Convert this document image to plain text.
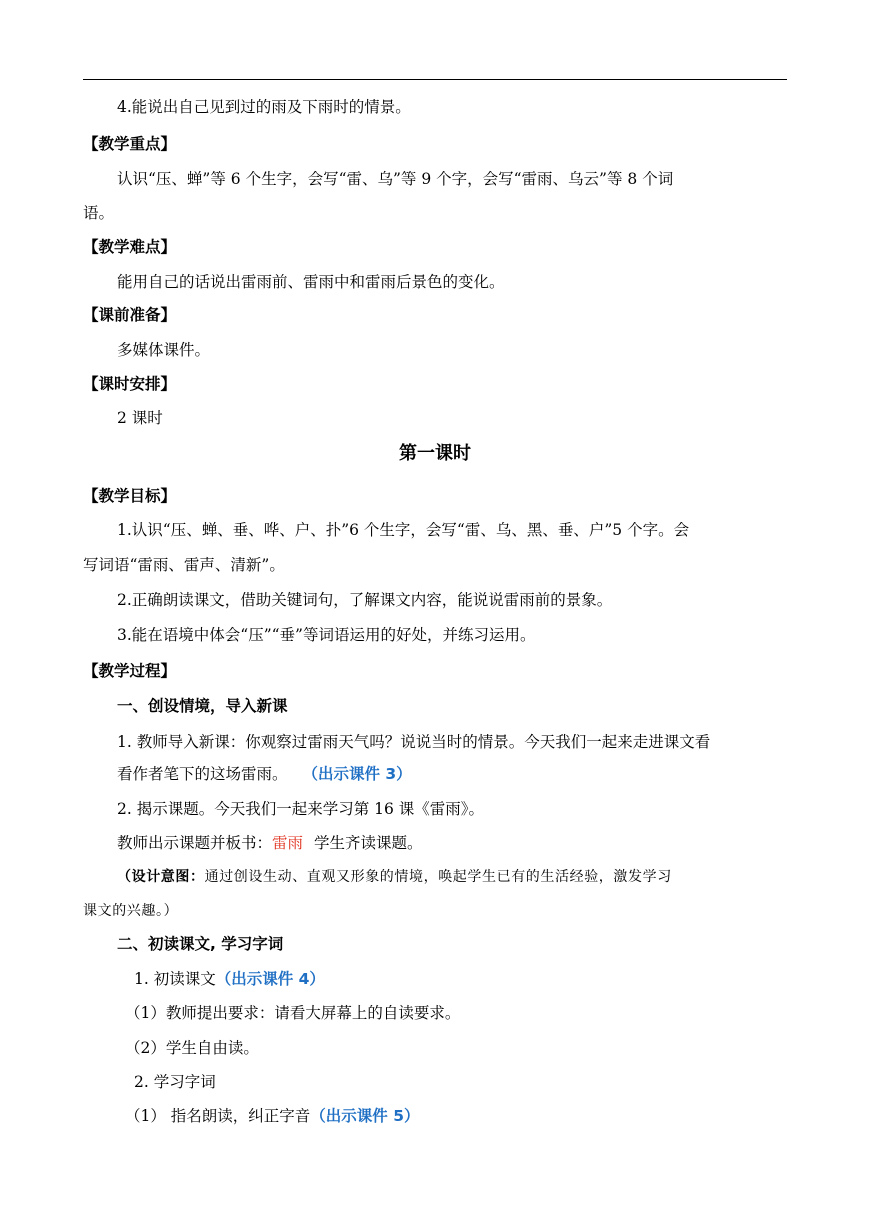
4.能说出自己见到过的雨及下雨时的情景。
【教学重点】
认识“压、蝉”等 6 个生字，会写“雷、乌”等 9 个字，会写“雷雨、乌云”等 8 个词
语。
【教学难点】
能用自己的话说出雷雨前、雷雨中和雷雨后景色的变化。
【课前准备】
多媒体课件。
【课时安排】
2 课时
第一课时
【教学目标】
1.认识“压、蝉、垂、哗、户、扑”6 个生字，会写“雷、乌、黑、垂、户”5 个字。会
写词语“雷雨、雷声、清新”。
2.正确朗读课文，借助关键词句，了解课文内容，能说说雷雨前的景象。
3.能在语境中体会“压”“垂”等词语运用的好处，并练习运用。
【教学过程】
一、创设情境，导入新课
1. 教师导入新课：你观察过雷雨天气吗？说说当时的情景。今天我们一起来走进课文看
看作者笔下的这场雷雨。 （出示课件 3）
2. 揭示课题。今天我们一起来学习第 16 课《雷雨》。
教师出示课题并板书：雷雨 学生齐读课题。
（设计意图：通过创设生动、直观又形象的情境，唤起学生已有的生活经验，激发学习
课文的兴趣。）
二、初读课文, 学习字词
1. 初读课文（出示课件 4）
（1）教师提出要求：请看大屏幕上的自读要求。
（2）学生自由读。
2. 学习字词
（1） 指名朗读，纠正字音（出示课件 5）
